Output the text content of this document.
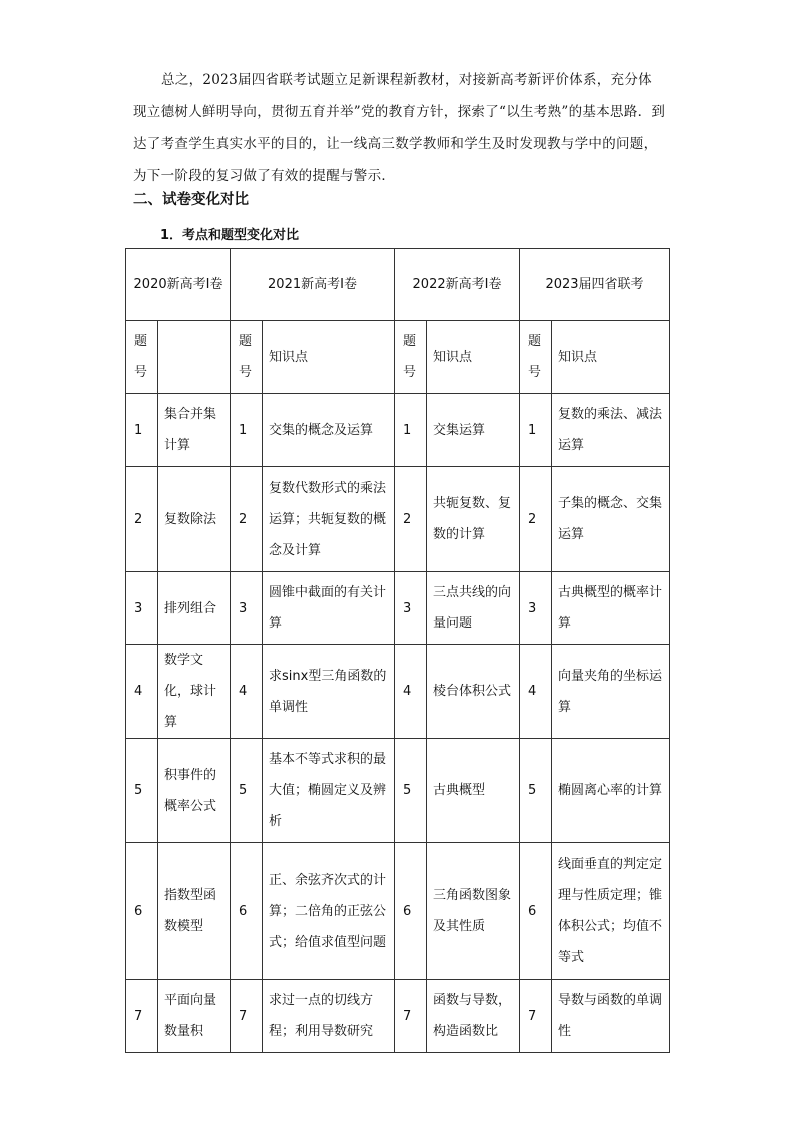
总之，2023届四省联考试题立足新课程新教材，对接新高考新评价体系，充分体
现立德树人鲜明导向，贯彻五育并举”党的教育方针，探索了“以生考熟”的基本思路．到
达了考查学生真实水平的目的，让一线高三数学教师和学生及时发现教与学中的问题，
为下一阶段的复习做了有效的提醒与警示．
二、试卷变化对比
1．考点和题型变化对比
2020新高考Ⅰ卷		2021新高考Ⅰ卷		2022新高考Ⅰ卷		2023届四省联考	
题号		题号	知识点	题号	知识点	题号	知识点
1	集合并集计算	1	交集的概念及运算	1	交集运算	1	复数的乘法、减法运算
2	复数除法	2	复数代数形式的乘法运算；共轭复数的概念及计算	2	共轭复数、复数的计算	2	子集的概念、交集运算
3	排列组合	3	圆锥中截面的有关计算	3	三点共线的向量问题	3	古典概型的概率计算
4	数学文化，球计算	4	求sinx型三角函数的单调性	4	棱台体积公式	4	向量夹角的坐标运算
5	积事件的概率公式	5	基本不等式求积的最大值；椭圆定义及辨析	5	古典概型	5	椭圆离心率的计算
6	指数型函数模型	6	正、余弦齐次式的计算；二倍角的正弦公式；给值求值型问题	6	三角函数图象及其性质	6	线面垂直的判定定理与性质定理；锥体积公式；均值不等式
7	平面向量数量积	7	求过一点的切线方程；利用导数研究	7	函数与导数，构造函数比	7	导数与函数的单调性
